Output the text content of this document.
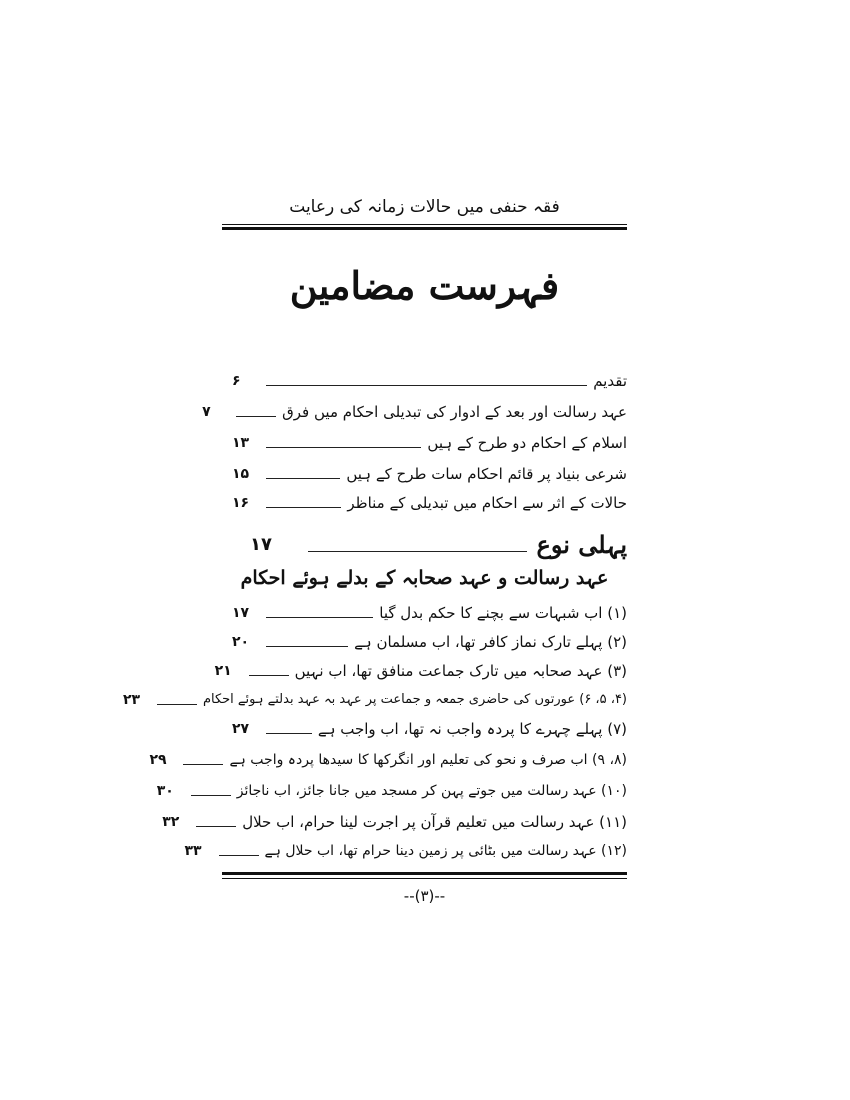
فقہ حنفی میں حالات زمانہ کی رعایت
فہرست مضامین
تقدیم
۶
عہد رسالت اور بعد کے ادوار کی تبدیلی احکام میں فرق
۷
اسلام کے احکام دو طرح کے ہیں
۱۳
شرعی بنیاد پر قائم احکام سات طرح کے ہیں
۱۵
حالات کے اثر سے احکام میں تبدیلی کے مناظر
۱۶
پہلی نوع
۱۷
عہد رسالت و عہد صحابہ کے بدلے ہوئے احکام
(۱) اب شبہات سے بچنے کا حکم بدل گیا
۱۷
(۲) پہلے تارک نماز کافر تھا، اب مسلمان ہے
۲۰
(۳) عہد صحابہ میں تارک جماعت منافق تھا، اب نہیں
۲۱
(۴، ۵، ۶) عورتوں کی حاضری جمعہ و جماعت پر عہد بہ عہد بدلتے ہوئے احکام
۲۳
(۷) پہلے چہرے کا پردہ واجب نہ تھا، اب واجب ہے
۲۷
(۸، ۹) اب صرف و نحو کی تعلیم اور انگرکھا کا سیدھا پردہ واجب ہے
۲۹
(۱۰) عہد رسالت میں جوتے پہن کر مسجد میں جانا جائز، اب ناجائز
۳۰
(۱۱) عہد رسالت میں تعلیم قرآن پر اجرت لینا حرام، اب حلال
۳۲
(۱۲) عہد رسالت میں بٹائی پر زمین دینا حرام تھا، اب حلال ہے
۳۳
--(۳)--
